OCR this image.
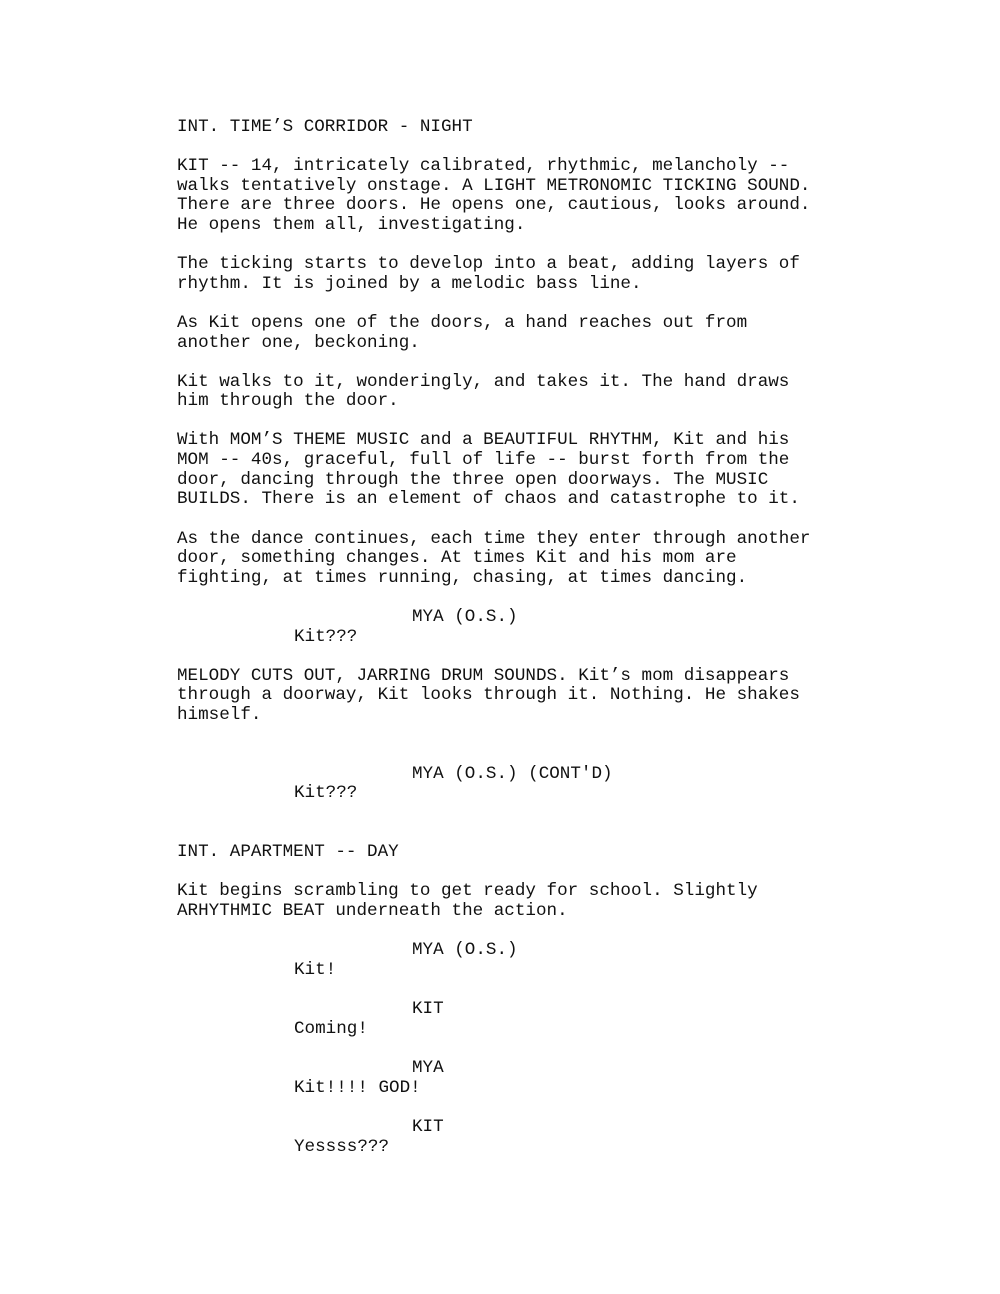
INT. TIME’S CORRIDOR - NIGHT
KIT -- 14, intricately calibrated, rhythmic, melancholy --
walks tentatively onstage. A LIGHT METRONOMIC TICKING SOUND.
There are three doors. He opens one, cautious, looks around.
He opens them all, investigating.
The ticking starts to develop into a beat, adding layers of
rhythm. It is joined by a melodic bass line.
As Kit opens one of the doors, a hand reaches out from
another one, beckoning.
Kit walks to it, wonderingly, and takes it. The hand draws
him through the door.
With MOM’S THEME MUSIC and a BEAUTIFUL RHYTHM, Kit and his
MOM -- 40s, graceful, full of life -- burst forth from the
door, dancing through the three open doorways. The MUSIC
BUILDS. There is an element of chaos and catastrophe to it.
As the dance continues, each time they enter through another
door, something changes. At times Kit and his mom are
fighting, at times running, chasing, at times dancing.
MYA (O.S.)
Kit???
MELODY CUTS OUT, JARRING DRUM SOUNDS. Kit’s mom disappears
through a doorway, Kit looks through it. Nothing. He shakes
himself.
MYA (O.S.) (CONT'D)
Kit???
INT. APARTMENT -- DAY
Kit begins scrambling to get ready for school. Slightly
ARHYTHMIC BEAT underneath the action.
MYA (O.S.)
Kit!
KIT
Coming!
MYA
Kit!!!! GOD!
KIT
Yessss???
